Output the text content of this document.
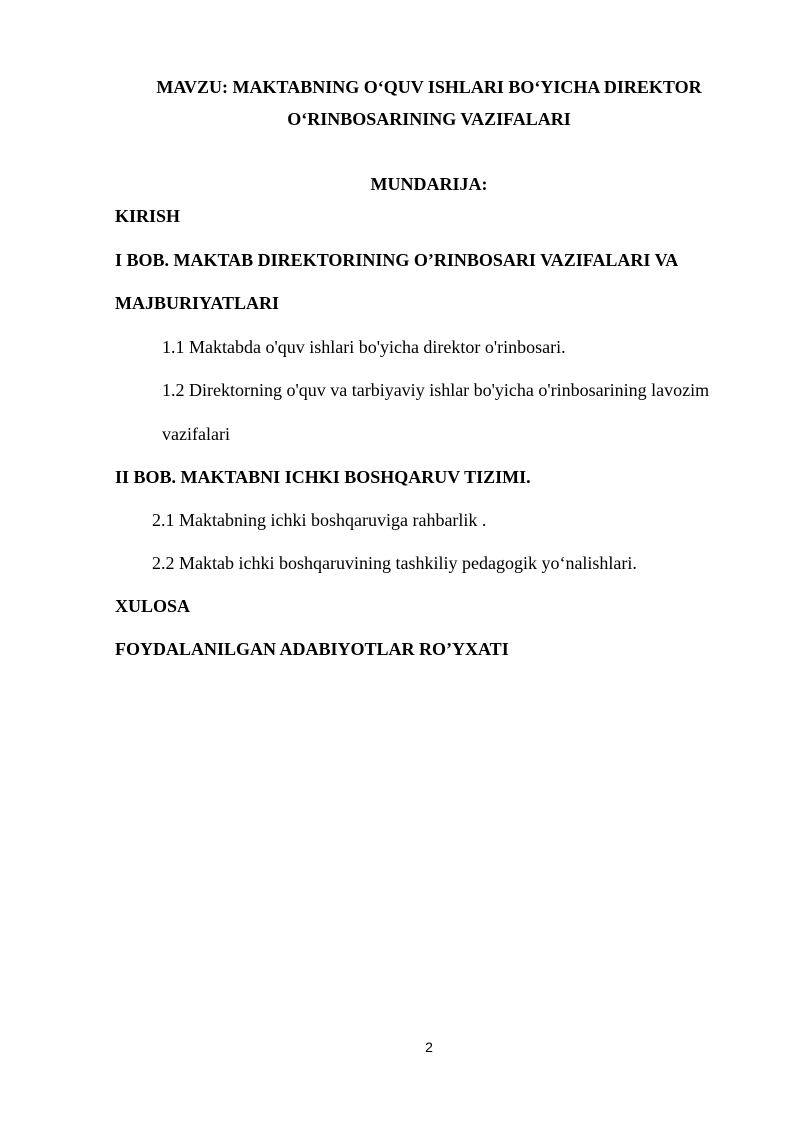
MAVZU: MAKTABNING O‘QUV ISHLARI BO‘YICHA DIREKTOR
O‘RINBOSARINING VAZIFALARI
MUNDARIJA:
KIRISH
I BOB. MAKTAB DIREKTORINING O’RINBOSARI VAZIFALARI VA
MAJBURIYATLARI
1.1 Maktabda o'quv ishlari bo'yicha direktor o'rinbosari.
1.2 Direktorning o'quv va tarbiyaviy ishlar bo'yicha o'rinbosarining lavozim
vazifalari
II BOB. MAKTABNI ICHKI BOSHQARUV TIZIMI.
2.1 Maktabning ichki boshqaruviga rahbarlik .
2.2 Maktab ichki boshqaruvining tashkiliy pedagogik yo‘nalishlari.
XULOSA
FOYDALANILGAN ADABIYOTLAR RO’YXATI
2
